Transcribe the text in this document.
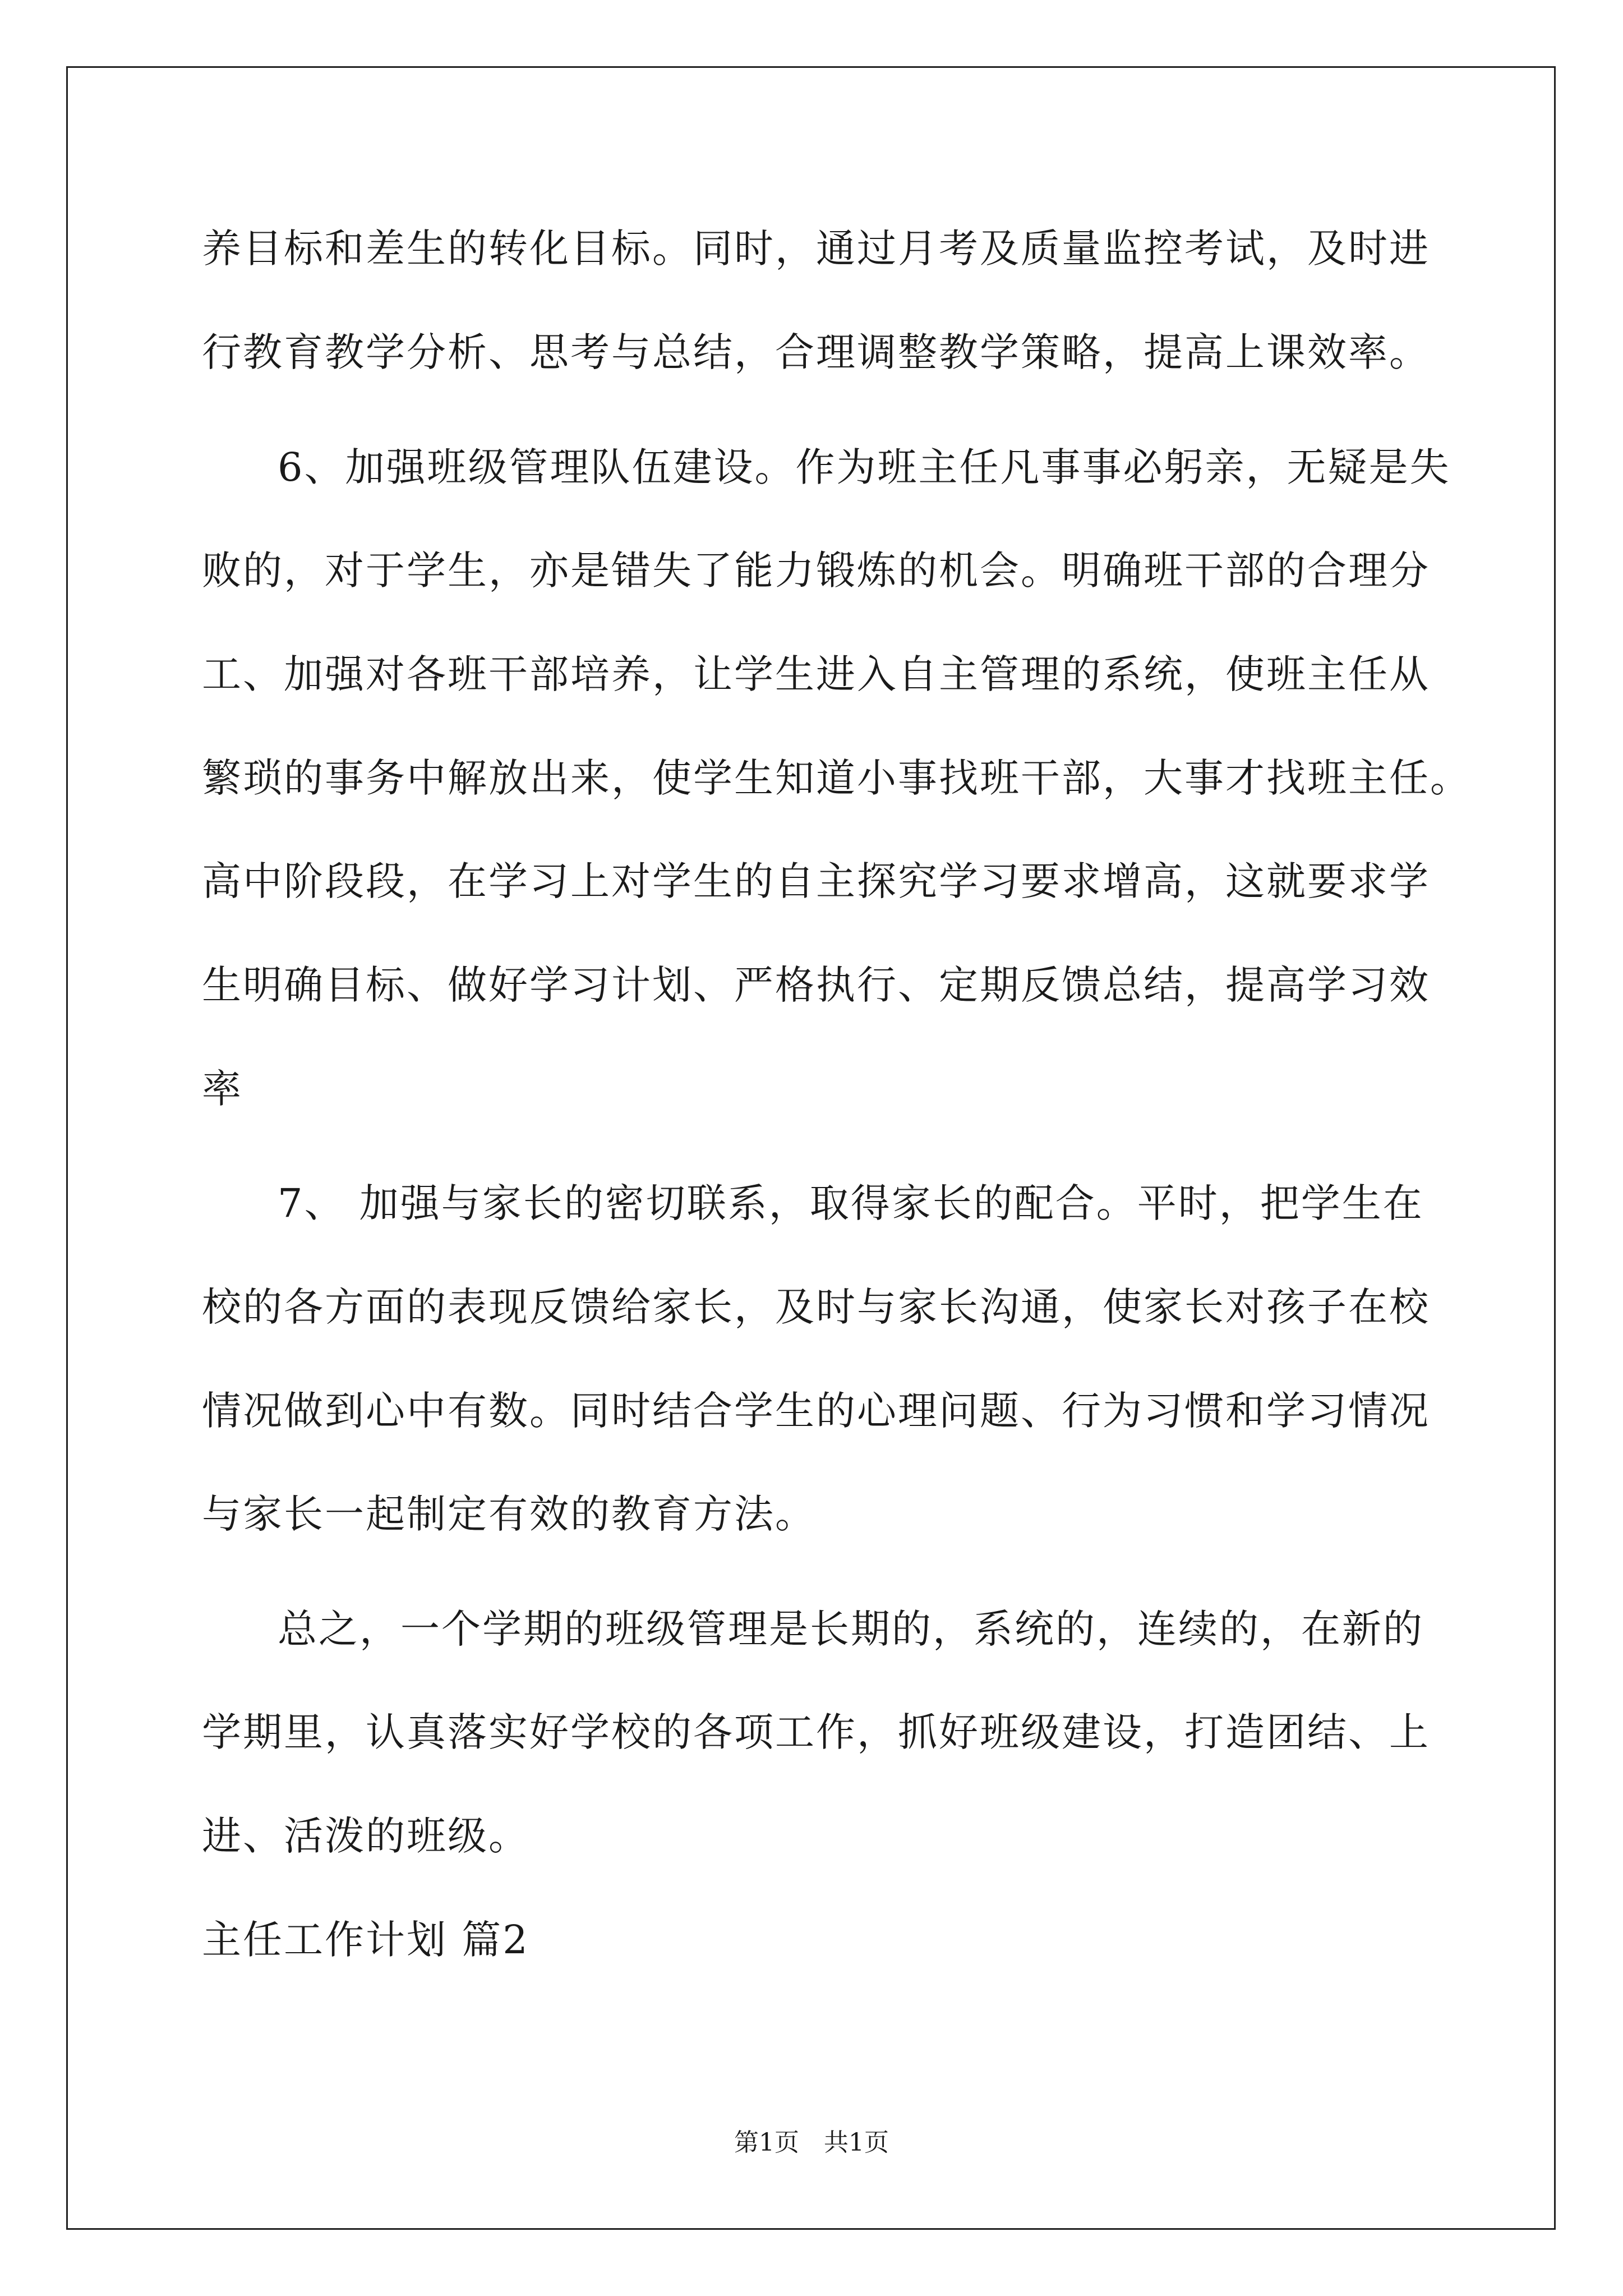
养目标和差生的转化目标。同时，通过月考及质量监控考试，及时进
行教育教学分析、思考与总结，合理调整教学策略，提高上课效率。
6、加强班级管理队伍建设。作为班主任凡事事必躬亲，无疑是失
败的，对于学生，亦是错失了能力锻炼的机会。明确班干部的合理分
工、加强对各班干部培养，让学生进入自主管理的系统，使班主任从
繁琐的事务中解放出来，使学生知道小事找班干部，大事才找班主任。
高中阶段段，在学习上对学生的自主探究学习要求增高，这就要求学
生明确目标、做好学习计划、严格执行、定期反馈总结，提高学习效
率
7、 加强与家长的密切联系，取得家长的配合。平时，把学生在
校的各方面的表现反馈给家长，及时与家长沟通，使家长对孩子在校
情况做到心中有数。同时结合学生的心理问题、行为习惯和学习情况
与家长一起制定有效的教育方法。
总之，一个学期的班级管理是长期的，系统的，连续的，在新的
学期里，认真落实好学校的各项工作，抓好班级建设，打造团结、上
进、活泼的班级。
主任工作计划 篇2
第1页　共1页
